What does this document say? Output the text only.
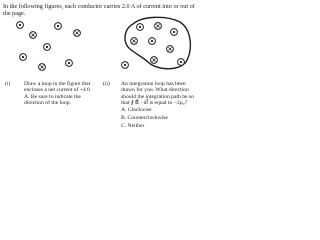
In the following figures, each conductor carries 2.0 A of current into or out of the page.
(i) Draw a loop in the figure that encloses a net current of +4.0 A. Be sure to indicate the direction of the loop.
(ii) An integration loop has been drawn for you. What direction should the integration path be so that ∮ B⃗ · dl⃗ is equal to −2μ₀?
A. Clockwise
B. Counterclockwise
C. Neither
